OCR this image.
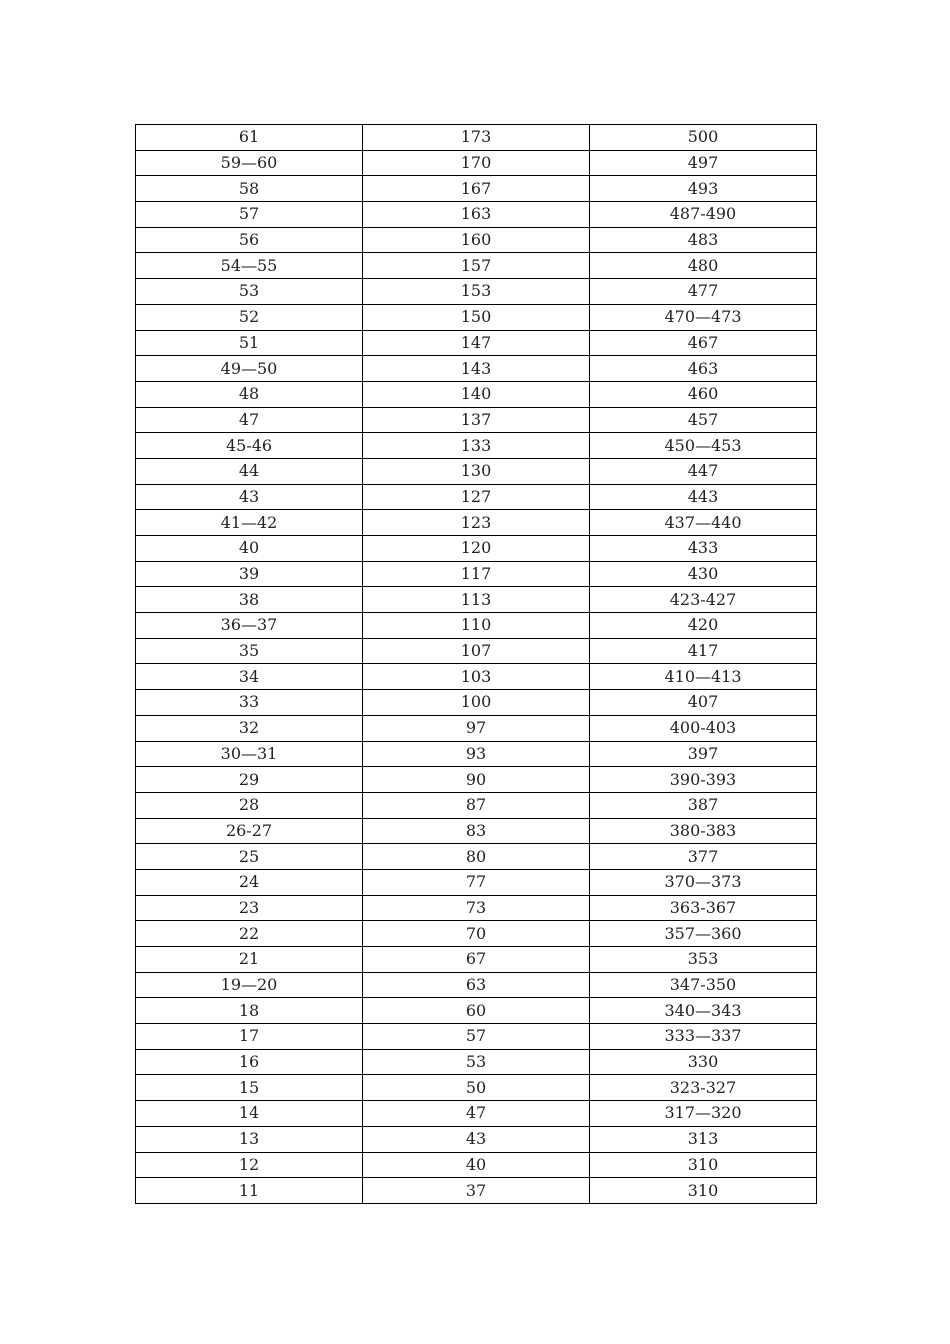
61	173	500
59—60	170	497
58	167	493
57	163	487-490
56	160	483
54—55	157	480
53	153	477
52	150	470—473
51	147	467
49—50	143	463
48	140	460
47	137	457
45-46	133	450—453
44	130	447
43	127	443
41—42	123	437—440
40	120	433
39	117	430
38	113	423-427
36—37	110	420
35	107	417
34	103	410—413
33	100	407
32	97	400-403
30—31	93	397
29	90	390-393
28	87	387
26-27	83	380-383
25	80	377
24	77	370—373
23	73	363-367
22	70	357—360
21	67	353
19—20	63	347-350
18	60	340—343
17	57	333—337
16	53	330
15	50	323-327
14	47	317—320
13	43	313
12	40	310
11	37	310
